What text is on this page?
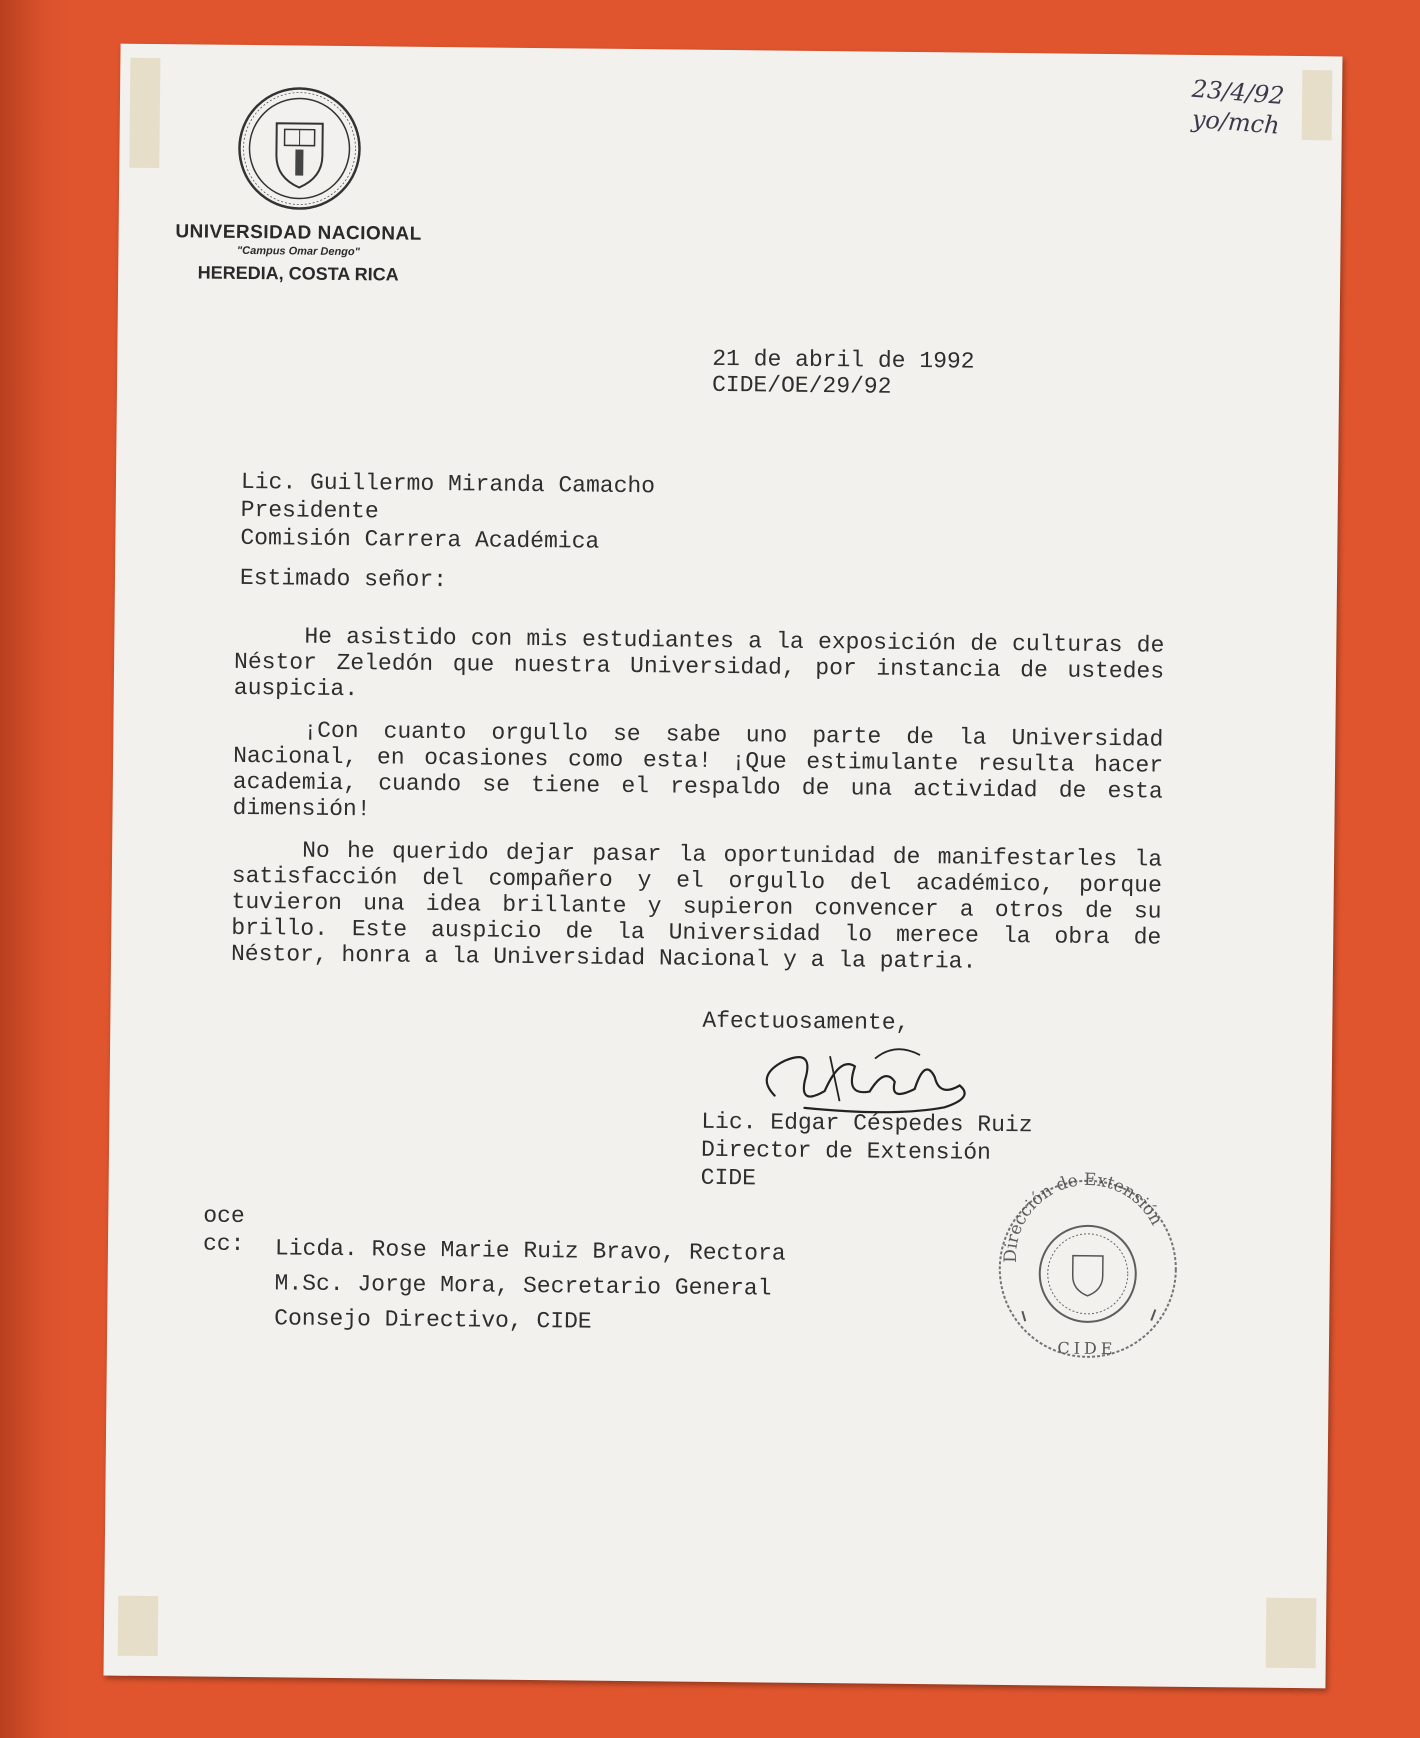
UNIVERSIDAD NACIONAL
"Campus Omar Dengo"
HEREDIA, COSTA RICA
23/4/92
yo/mch
21 de abril de 1992
CIDE/OE/29/92
Lic. Guillermo Miranda Camacho
Presidente
Comisión Carrera Académica
Estimado señor:
He asistido con mis estudiantes a la exposición de culturas de Néstor Zeledón que nuestra Universidad, por instancia de ustedes auspicia.
¡Con cuanto orgullo se sabe uno parte de la Universidad Nacional, en ocasiones como esta! ¡Que estimulante resulta hacer academia, cuando se tiene el respaldo de una actividad de esta dimensión!
No he querido dejar pasar la oportunidad de manifestarles la satisfacción del compañero y el orgullo del académico, porque tuvieron una idea brillante y supieron convencer a otros de su brillo. Este auspicio de la Universidad lo merece la obra de Néstor, honra a la Universidad Nacional y a la patria.
Afectuosamente,
Lic. Edgar Céspedes Ruiz
Director de Extensión
CIDE
oce
cc: Licda. Rose Marie Ruiz Bravo, Rectora
M.Sc. Jorge Mora, Secretario General
Consejo Directivo, CIDE
Dirección de Extensión
CIDE
